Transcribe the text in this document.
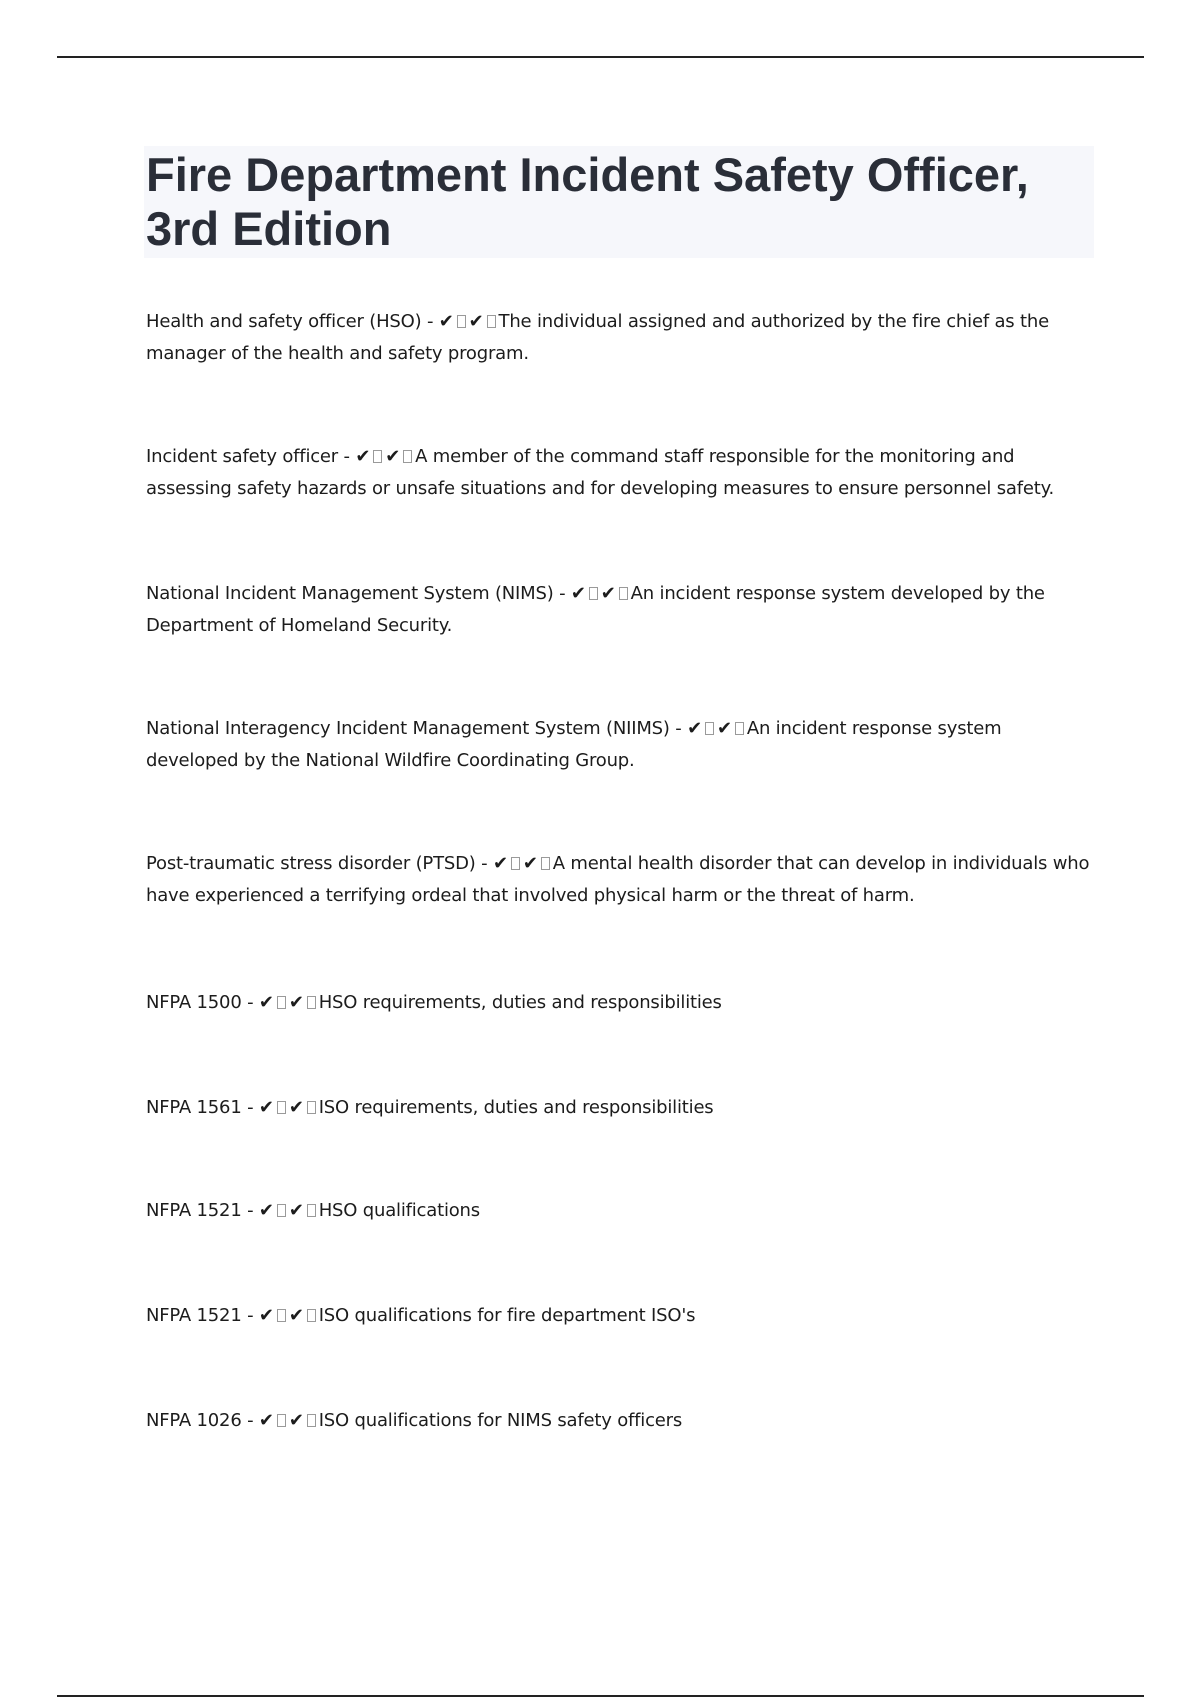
Fire Department Incident Safety Officer, 3rd Edition
Health and safety officer (HSO) - ✔ ✔ The individual assigned and authorized by the fire chief as the manager of the health and safety program.
Incident safety officer - ✔ ✔ A member of the command staff responsible for the monitoring and assessing safety hazards or unsafe situations and for developing measures to ensure personnel safety.
National Incident Management System (NIMS) - ✔ ✔ An incident response system developed by the Department of Homeland Security.
National Interagency Incident Management System (NIIMS) - ✔ ✔ An incident response system developed by the National Wildfire Coordinating Group.
Post-traumatic stress disorder (PTSD) - ✔ ✔ A mental health disorder that can develop in individuals who have experienced a terrifying ordeal that involved physical harm or the threat of harm.
NFPA 1500 - ✔ ✔ HSO requirements, duties and responsibilities
NFPA 1561 - ✔ ✔ ISO requirements, duties and responsibilities
NFPA 1521 - ✔ ✔ HSO qualifications
NFPA 1521 - ✔ ✔ ISO qualifications for fire department ISO's
NFPA 1026 - ✔ ✔ ISO qualifications for NIMS safety officers
